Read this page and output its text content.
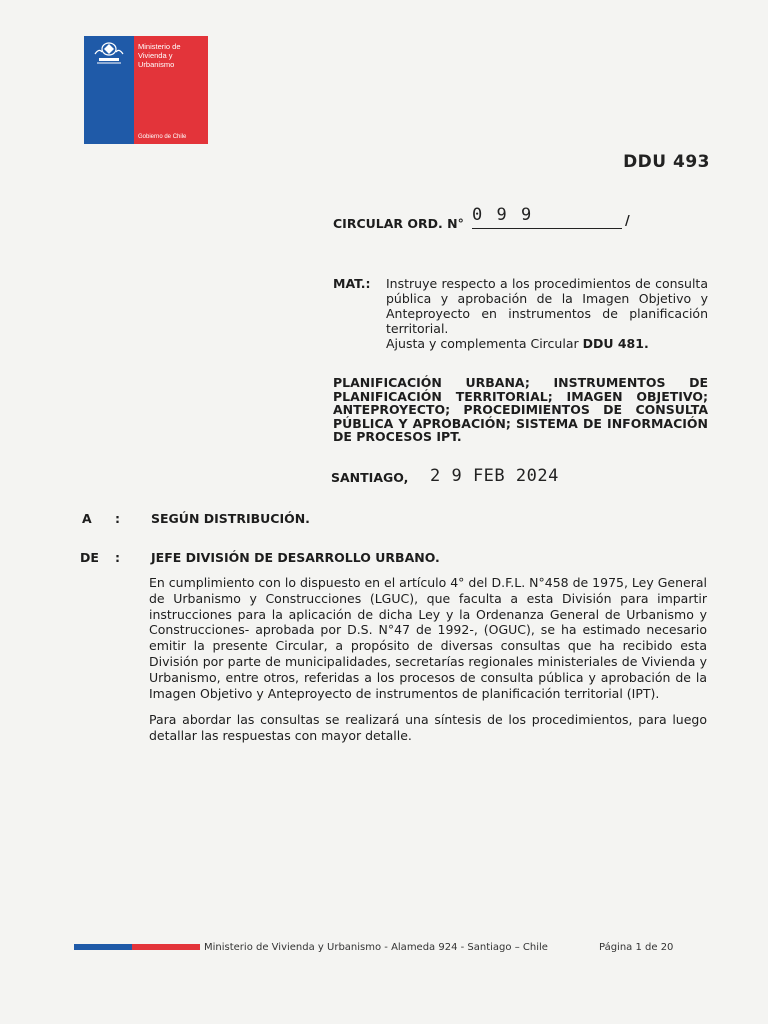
Ministerio de
Vivienda y
Urbanismo
Gobierno de Chile
DDU 493
CIRCULAR ORD. N° 0 9 9	/
MAT.: Instruye respecto a los procedimientos de consulta pública y aprobación de la Imagen Objetivo y Anteproyecto en instrumentos de planificación territorial.
Ajusta y complementa Circular DDU 481.
PLANIFICACIÓN URBANA; INSTRUMENTOS DE PLANIFICACIÓN TERRITORIAL; IMAGEN OBJETIVO; ANTEPROYECTO; PROCEDIMIENTOS DE CONSULTA PÚBLICA Y APROBACIÓN; SISTEMA DE INFORMACIÓN DE PROCESOS IPT.
SANTIAGO, 2 9 FEB 2024
A : SEGÚN DISTRIBUCIÓN.
DE : JEFE DIVISIÓN DE DESARROLLO URBANO.
En cumplimiento con lo dispuesto en el artículo 4° del D.F.L. N°458 de 1975, Ley General de Urbanismo y Construcciones (LGUC), que faculta a esta División para impartir instrucciones para la aplicación de dicha Ley y la Ordenanza General de Urbanismo y Construcciones- aprobada por D.S. N°47 de 1992-, (OGUC), se ha estimado necesario emitir la presente Circular, a propósito de diversas consultas que ha recibido esta División por parte de municipalidades, secretarías regionales ministeriales de Vivienda y Urbanismo, entre otros, referidas a los procesos de consulta pública y aprobación de la Imagen Objetivo y Anteproyecto de instrumentos de planificación territorial (IPT).
Para abordar las consultas se realizará una síntesis de los procedimientos, para luego detallar las respuestas con mayor detalle.
Ministerio de Vivienda y Urbanismo - Alameda 924 - Santiago – Chile	Página 1 de 20
